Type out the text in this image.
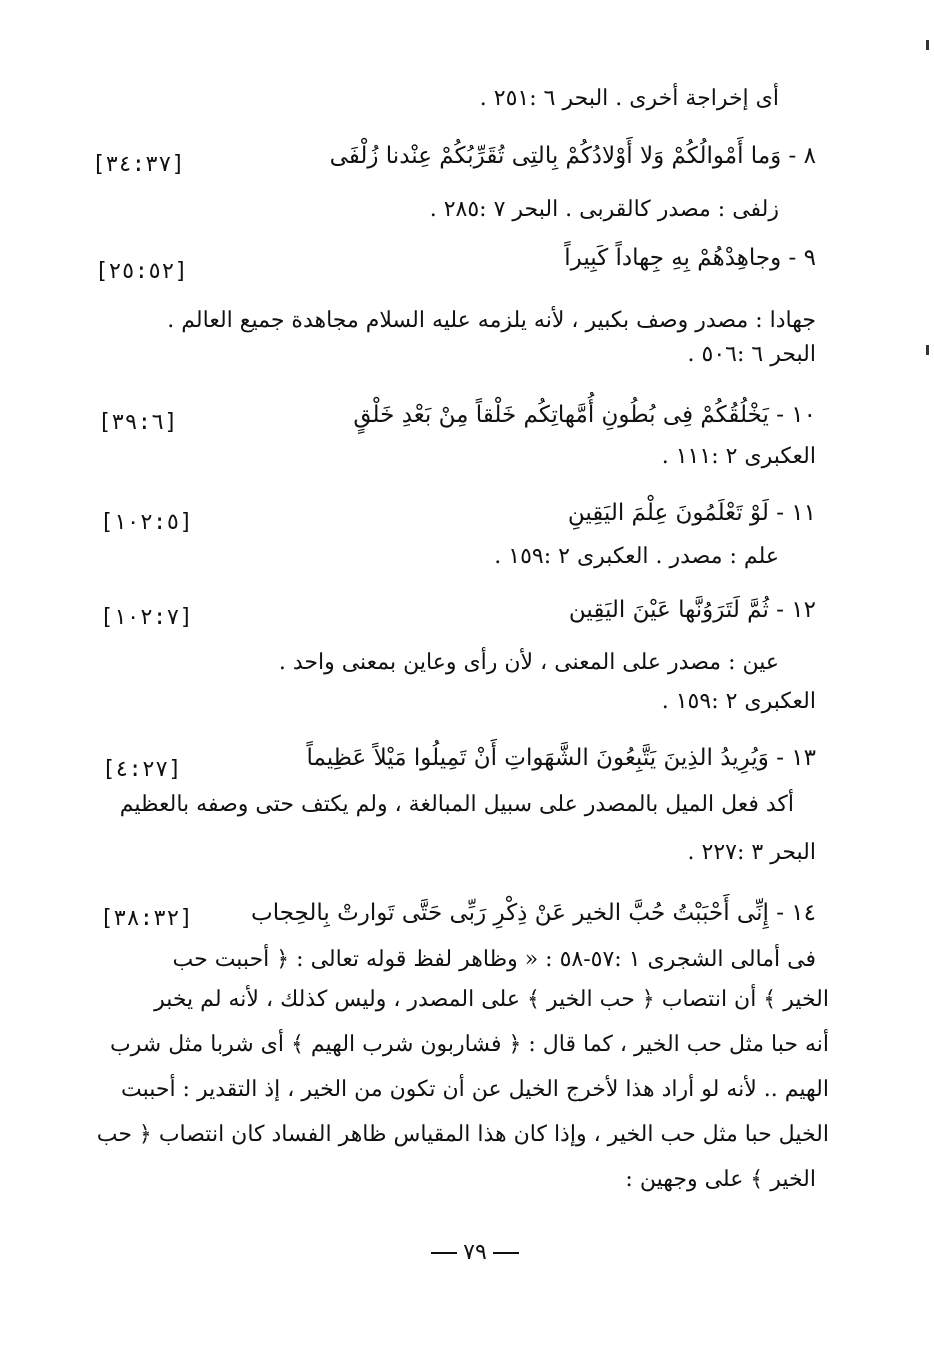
أى إخراجة أخرى . البحر ٦ :٢٥١ .
٨ - وَما أَمْوالُكُمْ وَلا أَوْلادُكُمْ بِالتِى تُقَرِّبُكُمْ عِنْدنا زُلْفَى
[٣٤:٣٧]
زلفى : مصدر كالقربى . البحر ٧ :٢٨٥ .
٩ - وجاهِدْهُمْ بِهِ جِهاداً كَبِيراً
[٢٥:٥٢]
جهادا : مصدر وصف بكبير ، لأنه يلزمه عليه السلام مجاهدة جميع العالم .
البحر ٦ :٥٠٦ .
١٠ - يَخْلُقُكُمْ فِى بُطُونِ أُمَّهاتِكُم خَلْقاً مِنْ بَعْدِ خَلْقٍ
[٣٩:٦]
العكبرى ٢ :١١١ .
١١ - لَوْ تَعْلَمُونَ عِلْمَ اليَقِينِ
[١٠٢:٥]
علم : مصدر . العكبرى ٢ :١٥٩ .
١٢ - ثُمَّ لَتَرَوُنَّها عَيْنَ اليَقِين
[١٠٢:٧]
عين : مصدر على المعنى ، لأن رأى وعاين بمعنى واحد .
العكبرى ٢ :١٥٩ .
١٣ - وَيُرِيدُ الذِينَ يَتَّبِعُونَ الشَّهَواتِ أَنْ تَمِيلُوا مَيْلاً عَظِيماً
[٤:٢٧]
أكد فعل الميل بالمصدر على سبيل المبالغة ، ولم يكتف حتى وصفه بالعظيم
البحر ٣ :٢٢٧ .
١٤ - إِنِّى أَحْبَبْتُ حُبَّ الخير عَنْ ذِكْرِ رَبِّى حَتَّى تَوارتْ بِالحِجاب
[٣٨:٣٢]
فى أمالى الشجرى ١ :٥٧-٥٨ : « وظاهر لفظ قوله تعالى : ﴿ أحببت حب
الخير ﴾ أن انتصاب ﴿ حب الخير ﴾ على المصدر ، وليس كذلك ، لأنه لم يخبر
أنه حبا مثل حب الخير ، كما قال : ﴿ فشاربون شرب الهيم ﴾ أى شربا مثل شرب
الهيم .. لأنه لو أراد هذا لأخرج الخيل عن أن تكون من الخير ، إذ التقدير : أحببت
الخيل حبا مثل حب الخير ، وإذا كان هذا المقياس ظاهر الفساد كان انتصاب ﴿ حب
الخير ﴾ على وجهين :
٧٩
